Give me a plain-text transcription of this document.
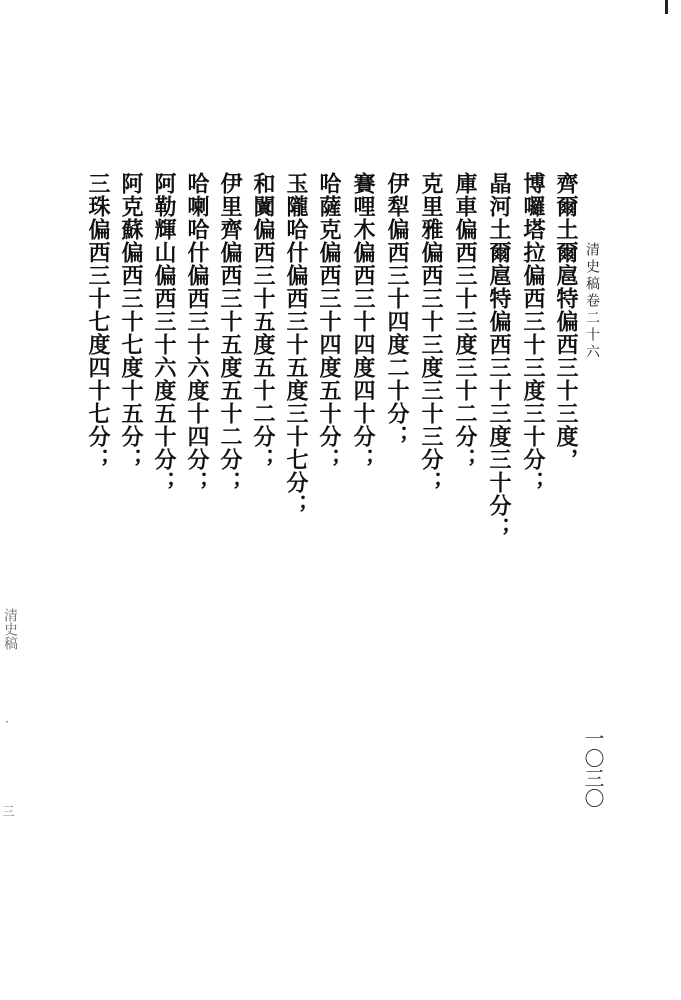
清史稿卷二十六
齊爾土爾扈特偏西三十三度，
博囉塔拉偏西三十三度三十分；
晶河土爾扈特偏西三十三度三十分；
庫車偏西三十三度三十二分；
克里雅偏西三十三度三十三分；
伊犁偏西三十四度二十分；
賽哩木偏西三十四度四十分；
哈薩克偏西三十四度五十分；
玉隴哈什偏西三十五度三十七分；
和闐偏西三十五度五十二分；
伊里齊偏西三十五度五十二分；
哈喇哈什偏西三十六度十四分；
阿勒輝山偏西三十六度五十分；
阿克蘇偏西三十七度十五分；
三珠偏西三十七度四十七分；
一〇三〇
清史稿
·
三
